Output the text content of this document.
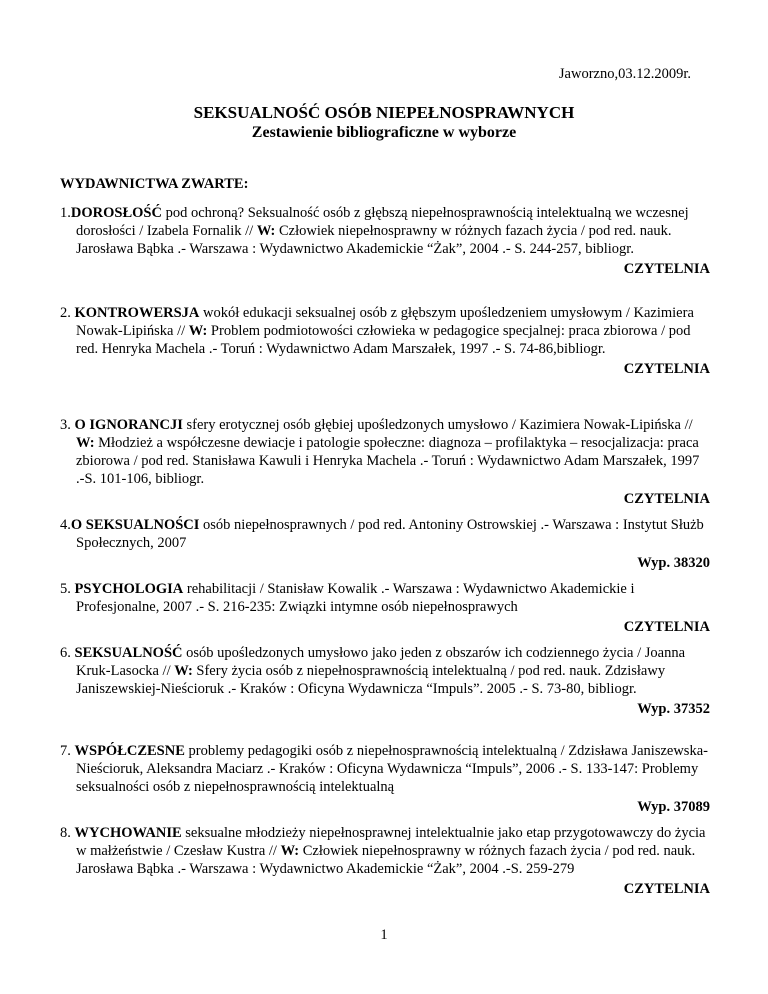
Jaworzno,03.12.2009r.
SEKSUALNOŚĆ OSÓB NIEPEŁNOSPRAWNYCH
Zestawienie bibliograficzne w wyborze
WYDAWNICTWA ZWARTE:
1.DOROSŁOŚĆ pod ochroną? Seksualność osób z głębszą niepełnosprawnością intelektualną we wczesnej dorosłości / Izabela Fornalik // W: Człowiek niepełnosprawny w różnych fazach życia / pod red. nauk. Jarosława Bąbka .- Warszawa : Wydawnictwo Akademickie “Żak”, 2004 .- S. 244-257, bibliogr.
CZYTELNIA
2. KONTROWERSJA wokół edukacji seksualnej osób z głębszym upośledzeniem umysłowym / Kazimiera Nowak-Lipińska // W: Problem podmiotowości człowieka w pedagogice specjalnej: praca zbiorowa / pod red. Henryka Machela .- Toruń : Wydawnictwo Adam Marszałek, 1997 .- S. 74-86,bibliogr.
CZYTELNIA
3. O IGNORANCJI sfery erotycznej osób głębiej upośledzonych umysłowo / Kazimiera Nowak-Lipińska // W: Młodzież a współczesne dewiacje i patologie społeczne: diagnoza – profilaktyka – resocjalizacja: praca zbiorowa / pod red. Stanisława Kawuli i Henryka Machela .- Toruń : Wydawnictwo Adam Marszałek, 1997 .-S. 101-106, bibliogr.
CZYTELNIA
4.O SEKSUALNOŚCI osób niepełnosprawnych / pod red. Antoniny Ostrowskiej .- Warszawa : Instytut Służb Społecznych, 2007
Wyp. 38320
5. PSYCHOLOGIA rehabilitacji / Stanisław Kowalik .- Warszawa : Wydawnictwo Akademickie i Profesjonalne, 2007 .- S. 216-235: Związki intymne osób niepełnosprawych
CZYTELNIA
6. SEKSUALNOŚĆ osób upośledzonych umysłowo jako jeden z obszarów ich codziennego życia / Joanna Kruk-Lasocka // W: Sfery życia osób z niepełnosprawnością intelektualną / pod red. nauk. Zdzisławy Janiszewskiej-Nieścioruk .- Kraków : Oficyna Wydawnicza “Impuls”. 2005 .- S. 73-80, bibliogr.
Wyp. 37352
7. WSPÓŁCZESNE problemy pedagogiki osób z niepełnosprawnością intelektualną / Zdzisława Janiszewska-Nieścioruk, Aleksandra Maciarz .- Kraków : Oficyna Wydawnicza “Impuls”, 2006 .- S. 133-147: Problemy seksualności osób z niepełnosprawnością intelektualną
Wyp. 37089
8. WYCHOWANIE seksualne młodzieży niepełnosprawnej intelektualnie jako etap przygotowawczy do życia w małżeństwie / Czesław Kustra // W: Człowiek niepełnosprawny w różnych fazach życia / pod red. nauk. Jarosława Bąbka .- Warszawa : Wydawnictwo Akademickie “Żak”, 2004 .-S. 259-279
CZYTELNIA
1
